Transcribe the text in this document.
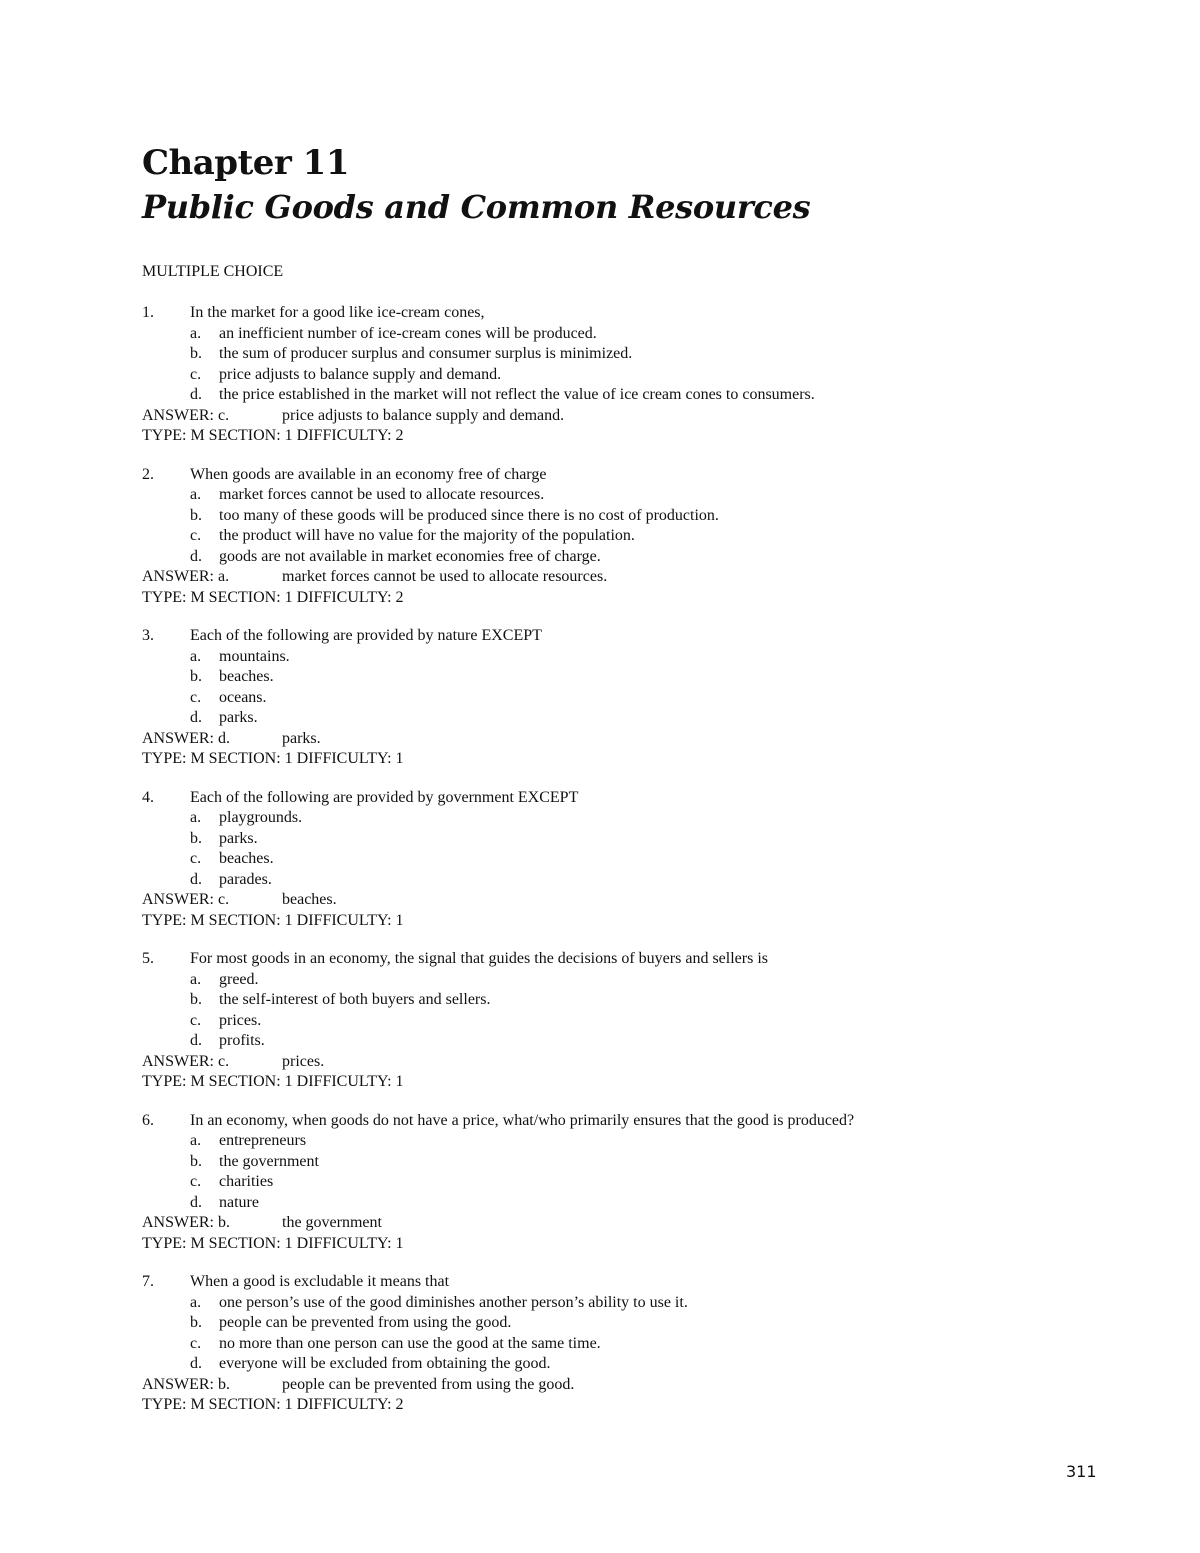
Chapter 11
Public Goods and Common Resources

MULTIPLE CHOICE

1. In the market for a good like ice-cream cones,
a. an inefficient number of ice-cream cones will be produced.
b. the sum of producer surplus and consumer surplus is minimized.
c. price adjusts to balance supply and demand.
d. the price established in the market will not reflect the value of ice cream cones to consumers.
ANSWER: c.	price adjusts to balance supply and demand.
TYPE: M SECTION: 1 DIFFICULTY: 2
2. When goods are available in an economy free of charge
a. market forces cannot be used to allocate resources.
b. too many of these goods will be produced since there is no cost of production.
c. the product will have no value for the majority of the population.
d. goods are not available in market economies free of charge.
ANSWER: a.	market forces cannot be used to allocate resources.
TYPE: M SECTION: 1 DIFFICULTY: 2
3. Each of the following are provided by nature EXCEPT
a. mountains.
b. beaches.
c. oceans.
d. parks.
ANSWER: d.	parks.
TYPE: M SECTION: 1 DIFFICULTY: 1
4. Each of the following are provided by government EXCEPT
a. playgrounds.
b. parks.
c. beaches.
d. parades.
ANSWER: c.	beaches.
TYPE: M SECTION: 1 DIFFICULTY: 1
5. For most goods in an economy, the signal that guides the decisions of buyers and sellers is
a. greed.
b. the self-interest of both buyers and sellers.
c. prices.
d. profits.
ANSWER: c.	prices.
TYPE: M SECTION: 1 DIFFICULTY: 1
6. In an economy, when goods do not have a price, what/who primarily ensures that the good is produced?
a. entrepreneurs
b. the government
c. charities
d. nature
ANSWER: b.	the government
TYPE: M SECTION: 1 DIFFICULTY: 1
7. When a good is excludable it means that
a. one person’s use of the good diminishes another person’s ability to use it.
b. people can be prevented from using the good.
c. no more than one person can use the good at the same time.
d. everyone will be excluded from obtaining the good.
ANSWER: b.	people can be prevented from using the good.
TYPE: M SECTION: 1 DIFFICULTY: 2

311
